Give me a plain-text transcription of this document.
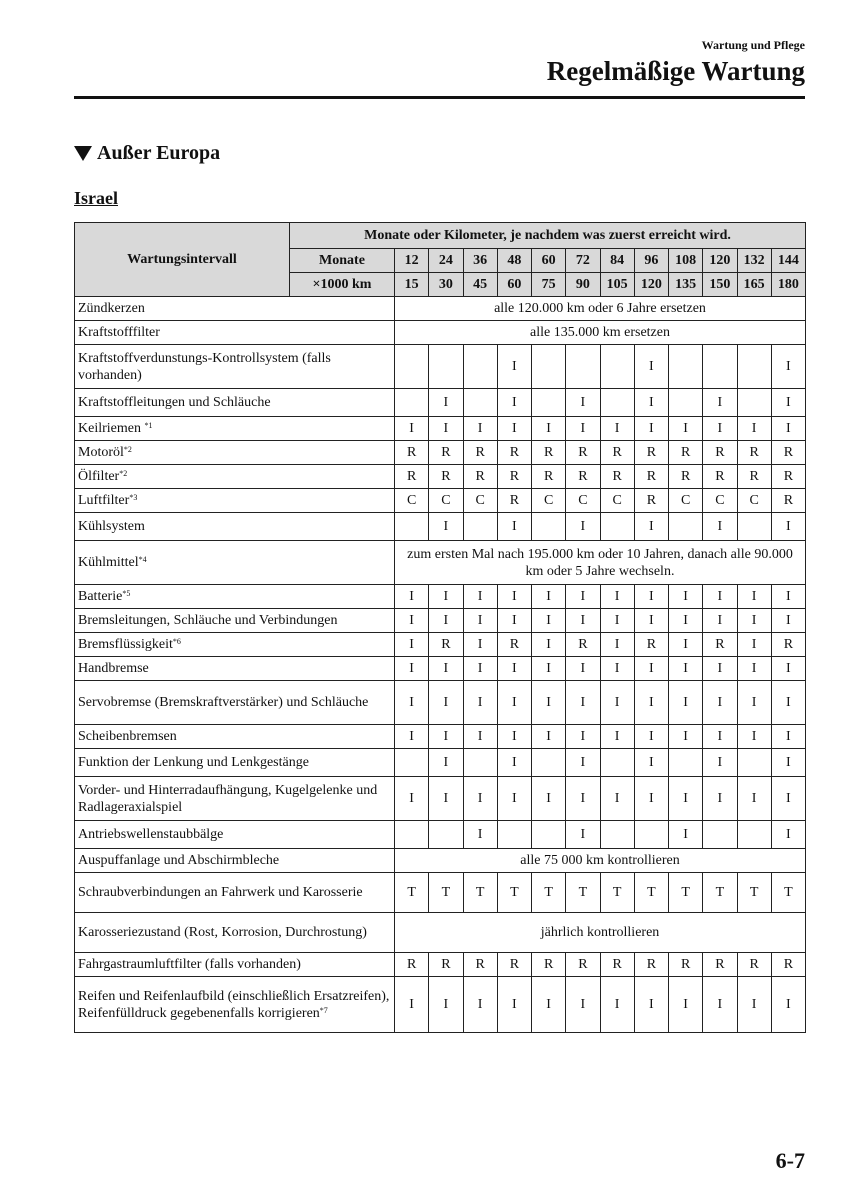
Wartung und Pflege
Regelmäßige Wartung
Außer Europa
Israel
Wartungsintervall	Monate oder Kilometer, je nachdem was zuerst erreicht wird.												
	Monate	12	24	36	48	60	72	84	96	108	120	132	144
	×1000 km	15	30	45	60	75	90	105	120	135	150	165	180
Zündkerzen		alle 120.000 km oder 6 Jahre ersetzen											
Kraftstofffilter		alle 135.000 km ersetzen											
Kraftstoffverdunstungs-Kontrollsystem (falls vorhanden)					I				I				I
Kraftstoffleitungen und Schläuche			I		I		I		I		I		I
Keilriemen $^{*1}$		I	I	I	I	I	I	I	I	I	I	I	I
Motoröl$^{*2}$		R	R	R	R	R	R	R	R	R	R	R	R
Ölfilter$^{*2}$		R	R	R	R	R	R	R	R	R	R	R	R
Luftfilter$^{*3}$		C	C	C	R	C	C	C	R	C	C	C	R
Kühlsystem			I		I		I		I		I		I
Kühlmittel$^{*4}$		zum ersten Mal nach 195.000 km oder 10 Jahren, danach alle 90.000 km oder 5 Jahre wechseln.											
Batterie$^{*5}$		I	I	I	I	I	I	I	I	I	I	I	I
Bremsleitungen, Schläuche und Verbindungen		I	I	I	I	I	I	I	I	I	I	I	I
Bremsflüssigkeit$^{*6}$		I	R	I	R	I	R	I	R	I	R	I	R
Handbremse		I	I	I	I	I	I	I	I	I	I	I	I
Servobremse (Bremskraftverstärker) und Schläuche		I	I	I	I	I	I	I	I	I	I	I	I
Scheibenbremsen		I	I	I	I	I	I	I	I	I	I	I	I
Funktion der Lenkung und Lenkgestänge			I		I		I		I		I		I
Vorder- und Hinterradaufhängung, Kugelgelenke und Radlageraxialspiel		I	I	I	I	I	I	I	I	I	I	I	I
Antriebswellenstaubbälge				I			I			I			I
Auspuffanlage und Abschirmbleche		alle 75 000 km kontrollieren											
Schraubverbindungen an Fahrwerk und Karosserie		T	T	T	T	T	T	T	T	T	T	T	T
Karosseriezustand (Rost, Korrosion, Durchrostung)		jährlich kontrollieren											
Fahrgastraumluftfilter (falls vorhanden)		R	R	R	R	R	R	R	R	R	R	R	R
Reifen und Reifenlaufbild (einschließlich Ersatzreifen), Reifenfülldruck gegebenenfalls korrigieren$^{*7}$		I	I	I	I	I	I	I	I	I	I	I	I
6-7
